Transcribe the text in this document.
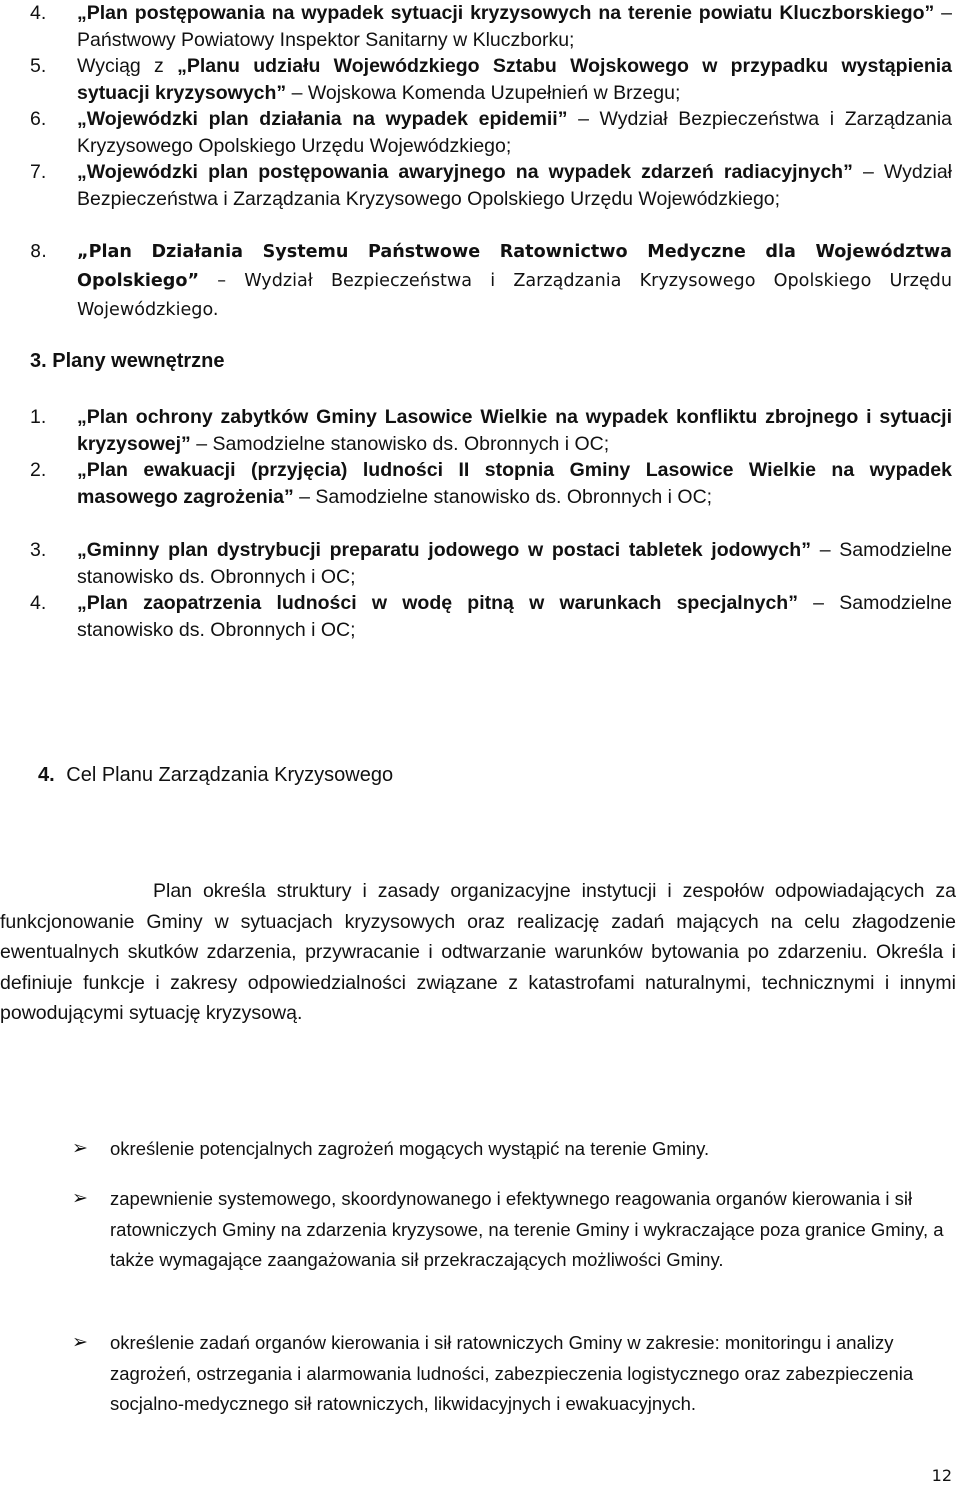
4. „Plan postępowania na wypadek sytuacji kryzysowych na terenie powiatu Kluczborskiego” – Państwowy Powiatowy Inspektor Sanitarny w Kluczborku;
5. Wyciąg z „Planu udziału Wojewódzkiego Sztabu Wojskowego w przypadku wystąpienia sytuacji kryzysowych” – Wojskowa Komenda Uzupełnień w Brzegu;
6. „Wojewódzki plan działania na wypadek epidemii” – Wydział Bezpieczeństwa i Zarządzania Kryzysowego Opolskiego Urzędu Wojewódzkiego;
7. „Wojewódzki plan postępowania awaryjnego na wypadek zdarzeń radiacyjnych” – Wydział Bezpieczeństwa i Zarządzania Kryzysowego Opolskiego Urzędu Wojewódzkiego;
8. „Plan Działania Systemu Państwowe Ratownictwo Medyczne dla Województwa Opolskiego” – Wydział Bezpieczeństwa i Zarządzania Kryzysowego Opolskiego Urzędu Wojewódzkiego.
3. Plany wewnętrzne
1. „Plan ochrony zabytków Gminy Lasowice Wielkie na wypadek konfliktu zbrojnego i sytuacji kryzysowej” – Samodzielne stanowisko ds. Obronnych i OC;
2. „Plan ewakuacji (przyjęcia) ludności II stopnia Gminy Lasowice Wielkie na wypadek masowego zagrożenia” – Samodzielne stanowisko ds. Obronnych i OC;
3. „Gminny plan dystrybucji preparatu jodowego w postaci tabletek jodowych” – Samodzielne stanowisko ds. Obronnych i OC;
4. „Plan zaopatrzenia ludności w wodę pitną w warunkach specjalnych” – Samodzielne stanowisko ds. Obronnych i OC;
4. Cel Planu Zarządzania Kryzysowego
Plan określa struktury i zasady organizacyjne instytucji i zespołów odpowiadających za funkcjonowanie Gminy w sytuacjach kryzysowych oraz realizację zadań mających na celu złagodzenie ewentualnych skutków zdarzenia, przywracanie i odtwarzanie warunków bytowania po zdarzeniu. Określa i definiuje funkcje i zakresy odpowiedzialności związane z katastrofami naturalnymi, technicznymi i innymi powodującymi sytuację kryzysową.
➢ określenie potencjalnych zagrożeń mogących wystąpić na terenie Gminy.
➢ zapewnienie systemowego, skoordynowanego i efektywnego reagowania organów kierowania i sił ratowniczych Gminy na zdarzenia kryzysowe, na terenie Gminy i wykraczające poza granice Gminy, a także wymagające zaangażowania sił przekraczających możliwości Gminy.
➢ określenie zadań organów kierowania i sił ratowniczych Gminy w zakresie: monitoringu i analizy zagrożeń, ostrzegania i alarmowania ludności, zabezpieczenia logistycznego oraz zabezpieczenia socjalno-medycznego sił ratowniczych, likwidacyjnych i ewakuacyjnych.
12
